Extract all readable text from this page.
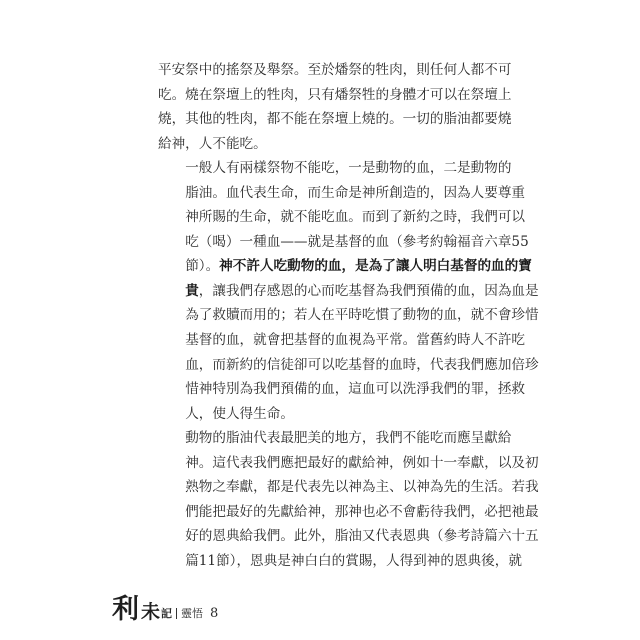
平安祭中的搖祭及舉祭。至於燔祭的牲肉，則任何人都不可
吃。燒在祭壇上的牲肉，只有燔祭牲的身體才可以在祭壇上
燒，其他的牲肉，都不能在祭壇上燒的。一切的脂油都要燒
給神，人不能吃。

一般人有兩樣祭物不能吃，一是動物的血，二是動物的
脂油。血代表生命，而生命是神所創造的，因為人要尊重
神所賜的生命，就不能吃血。而到了新約之時，我們可以
吃（喝）一種血——就是基督的血（參考約翰福音六章55
節）。神不許人吃動物的血，是為了讓人明白基督的血的寶
貴，讓我們存感恩的心而吃基督為我們預備的血，因為血是
為了救贖而用的；若人在平時吃慣了動物的血，就不會珍惜
基督的血，就會把基督的血視為平常。當舊約時人不許吃
血，而新約的信徒卻可以吃基督的血時，代表我們應加倍珍
惜神特別為我們預備的血，這血可以洗淨我們的罪，拯救
人，使人得生命。

動物的脂油代表最肥美的地方，我們不能吃而應呈獻給
神。這代表我們應把最好的獻給神，例如十一奉獻，以及初
熟物之奉獻，都是代表先以神為主、以神為先的生活。若我
們能把最好的先獻給神，那神也必不會虧待我們，必把祂最
好的恩典給我們。此外，脂油又代表恩典（參考詩篇六十五
篇11節），恩典是神白白的賞賜，人得到神的恩典後，就

利 未 記 靈悟 8
